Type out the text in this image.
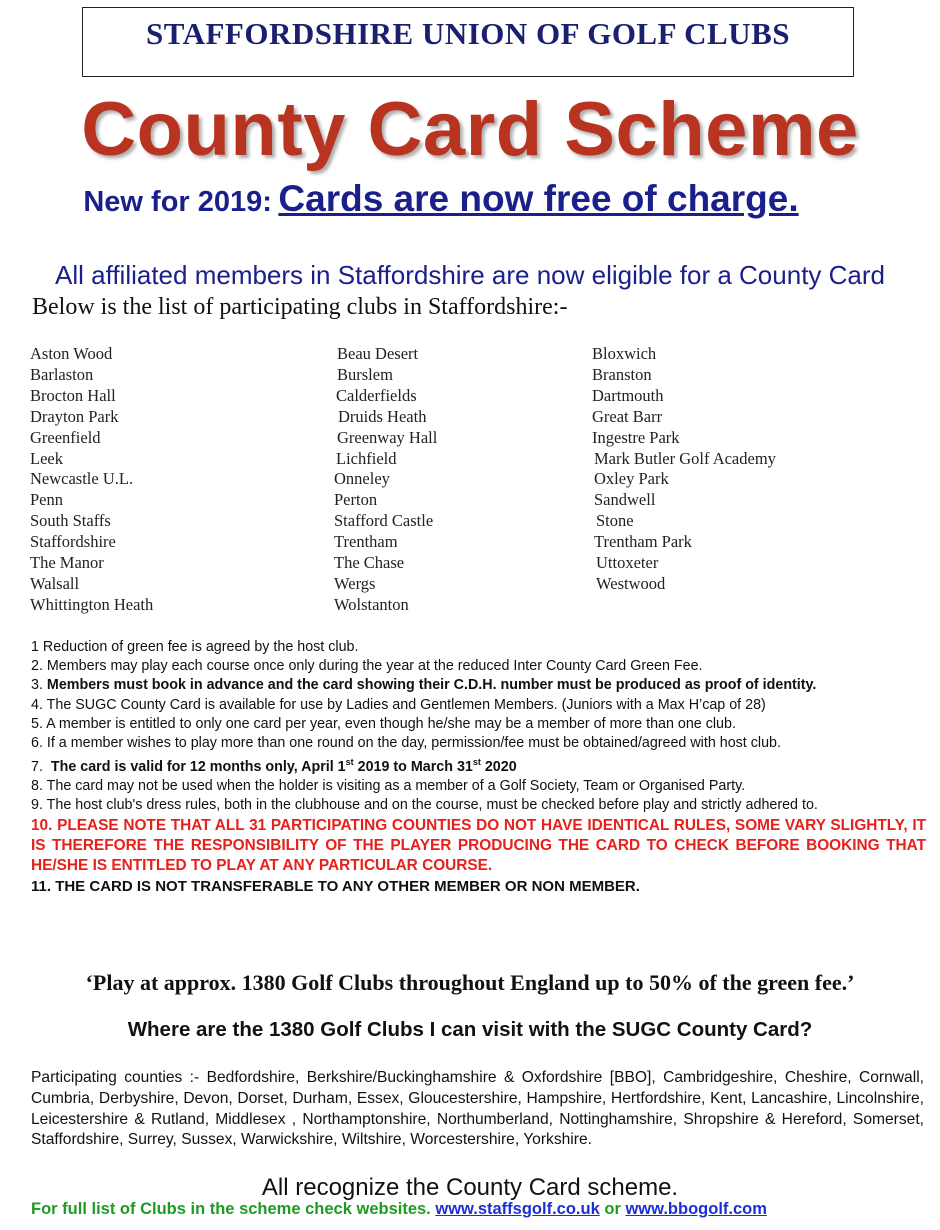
STAFFORDSHIRE UNION OF GOLF CLUBS
County Card Scheme
New for 2019: Cards are now free of charge.
All affiliated members in Staffordshire are now eligible for a County Card
Below is the list of participating clubs in Staffordshire:-
Aston Wood
Barlaston
Brocton Hall
Drayton Park
Greenfield
Leek
Newcastle U.L.
Penn
South Staffs
Staffordshire
The Manor
Walsall
Whittington Heath
Beau Desert
Burslem
Calderfields
Druids Heath
Greenway Hall
Lichfield
Onneley
Perton
Stafford Castle
Trentham
The Chase
Wergs
Wolstanton
Bloxwich
Branston
Dartmouth
Great Barr
Ingestre Park
Mark Butler Golf Academy
Oxley Park
Sandwell
Stone
Trentham Park
Uttoxeter
Westwood
1 Reduction of green fee is agreed by the host club.
2. Members may play each course once only during the year at the reduced Inter County Card Green Fee.
3. Members must book in advance and the card showing their C.D.H. number must be produced as proof of identity.
4. The SUGC County Card is available for use by Ladies and Gentlemen Members. (Juniors with a Max H’cap of 28)
5. A member is entitled to only one card per year, even though he/she may be a member of more than one club.
6. If a member wishes to play more than one round on the day, permission/fee must be obtained/agreed with host club.
7. The card is valid for 12 months only, April 1st 2019 to March 31st 2020
8. The card may not be used when the holder is visiting as a member of a Golf Society, Team or Organised Party.
9. The host club's dress rules, both in the clubhouse and on the course, must be checked before play and strictly adhered to.
10. PLEASE NOTE THAT ALL 31 PARTICIPATING COUNTIES DO NOT HAVE IDENTICAL RULES, SOME VARY SLIGHTLY, IT IS THEREFORE THE RESPONSIBILITY OF THE PLAYER PRODUCING THE CARD TO CHECK BEFORE BOOKING THAT HE/SHE IS ENTITLED TO PLAY AT ANY PARTICULAR COURSE.
11. THE CARD IS NOT TRANSFERABLE TO ANY OTHER MEMBER OR NON MEMBER.
‘Play at approx. 1380 Golf Clubs throughout England up to 50% of the green fee.’
Where are the 1380 Golf Clubs I can visit with the SUGC County Card?
Participating counties :- Bedfordshire, Berkshire/Buckinghamshire & Oxfordshire [BBO], Cambridgeshire, Cheshire, Cornwall, Cumbria, Derbyshire, Devon, Dorset, Durham, Essex, Gloucestershire, Hampshire, Hertfordshire, Kent, Lancashire, Lincolnshire, Leicestershire & Rutland, Middlesex , Northamptonshire, Northumberland, Nottinghamshire, Shropshire & Hereford, Somerset, Staffordshire, Surrey, Sussex, Warwickshire, Wiltshire, Worcestershire, Yorkshire.
All recognize the County Card scheme.
For full list of Clubs in the scheme check websites. www.staffsgolf.co.uk or www.bbogolf.com
